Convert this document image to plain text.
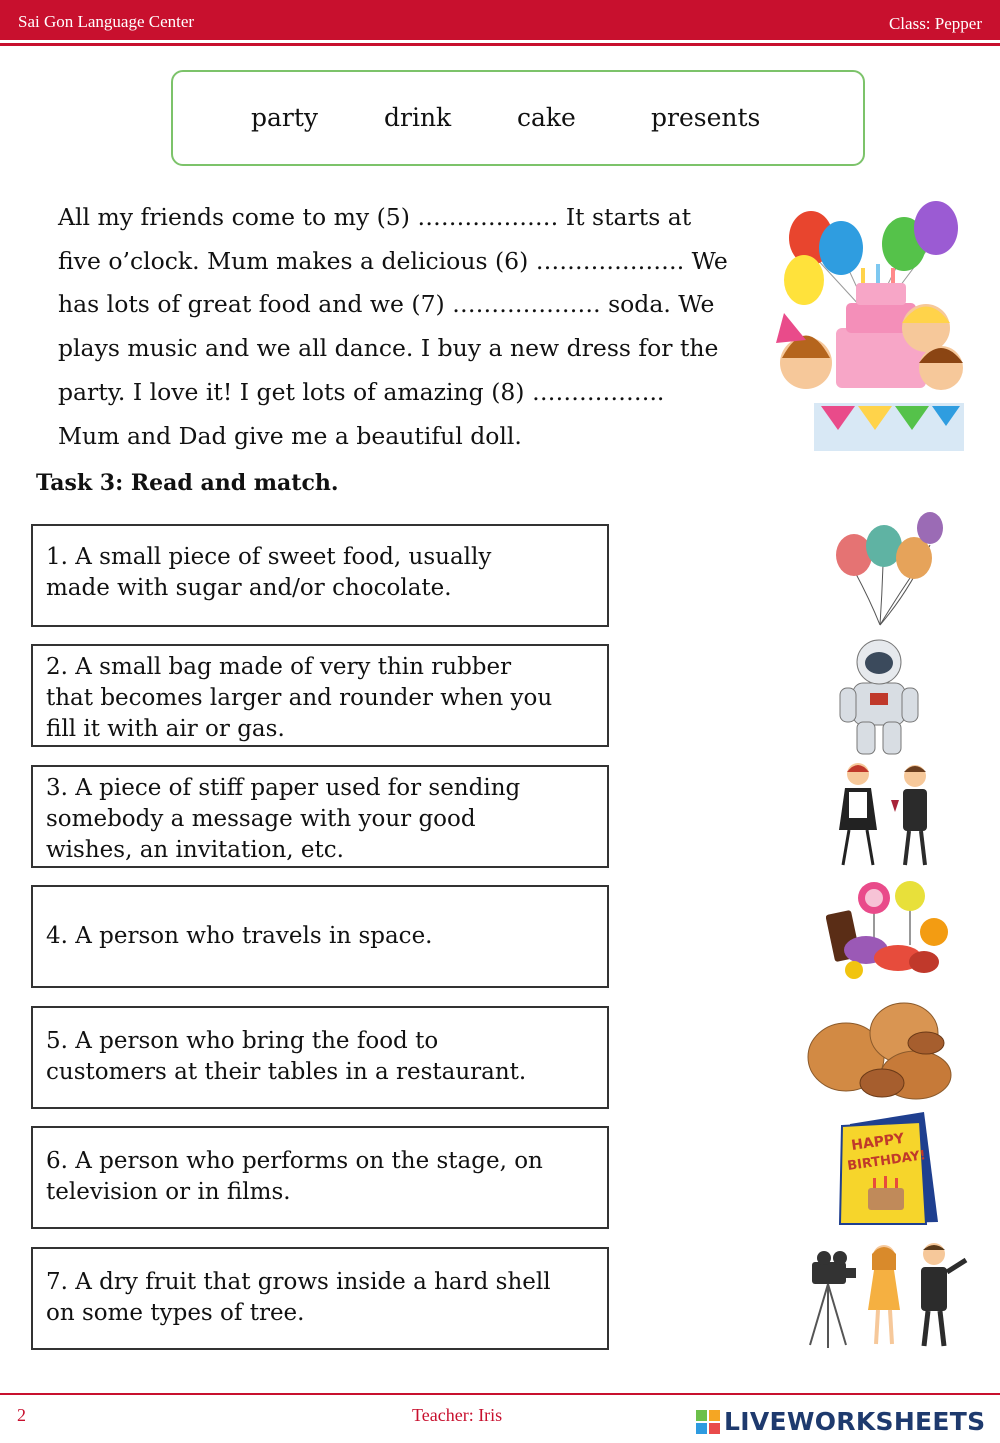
Sai Gon Language Center	Class: Pepper
party	drink	cake	presents
All my friends come to my (5) ……………… It starts at
five o’clock. Mum makes a delicious (6) ………………. We
has lots of great food and we (7) ………………. soda. We
plays music and we all dance. I buy a new dress for the
party. I love it! I get lots of amazing (8) ……………..
Mum and Dad give me a beautiful doll.
Task 3: Read and match.
1. A small piece of sweet food, usually
made with sugar and/or chocolate.
2. A small bag made of very thin rubber
that becomes larger and rounder when you
fill it with air or gas.
3. A piece of stiff paper used for sending
somebody a message with your good
wishes, an invitation, etc.
4. A person who travels in space.
5. A person who bring the food to
customers at their tables in a restaurant.
6. A person who performs on the stage, on
television or in films.
7. A dry fruit that grows inside a hard shell
on some types of tree.
HAPPY
BIRTHDAY!
2	Teacher: Iris	LIVEWORKSHEETS
